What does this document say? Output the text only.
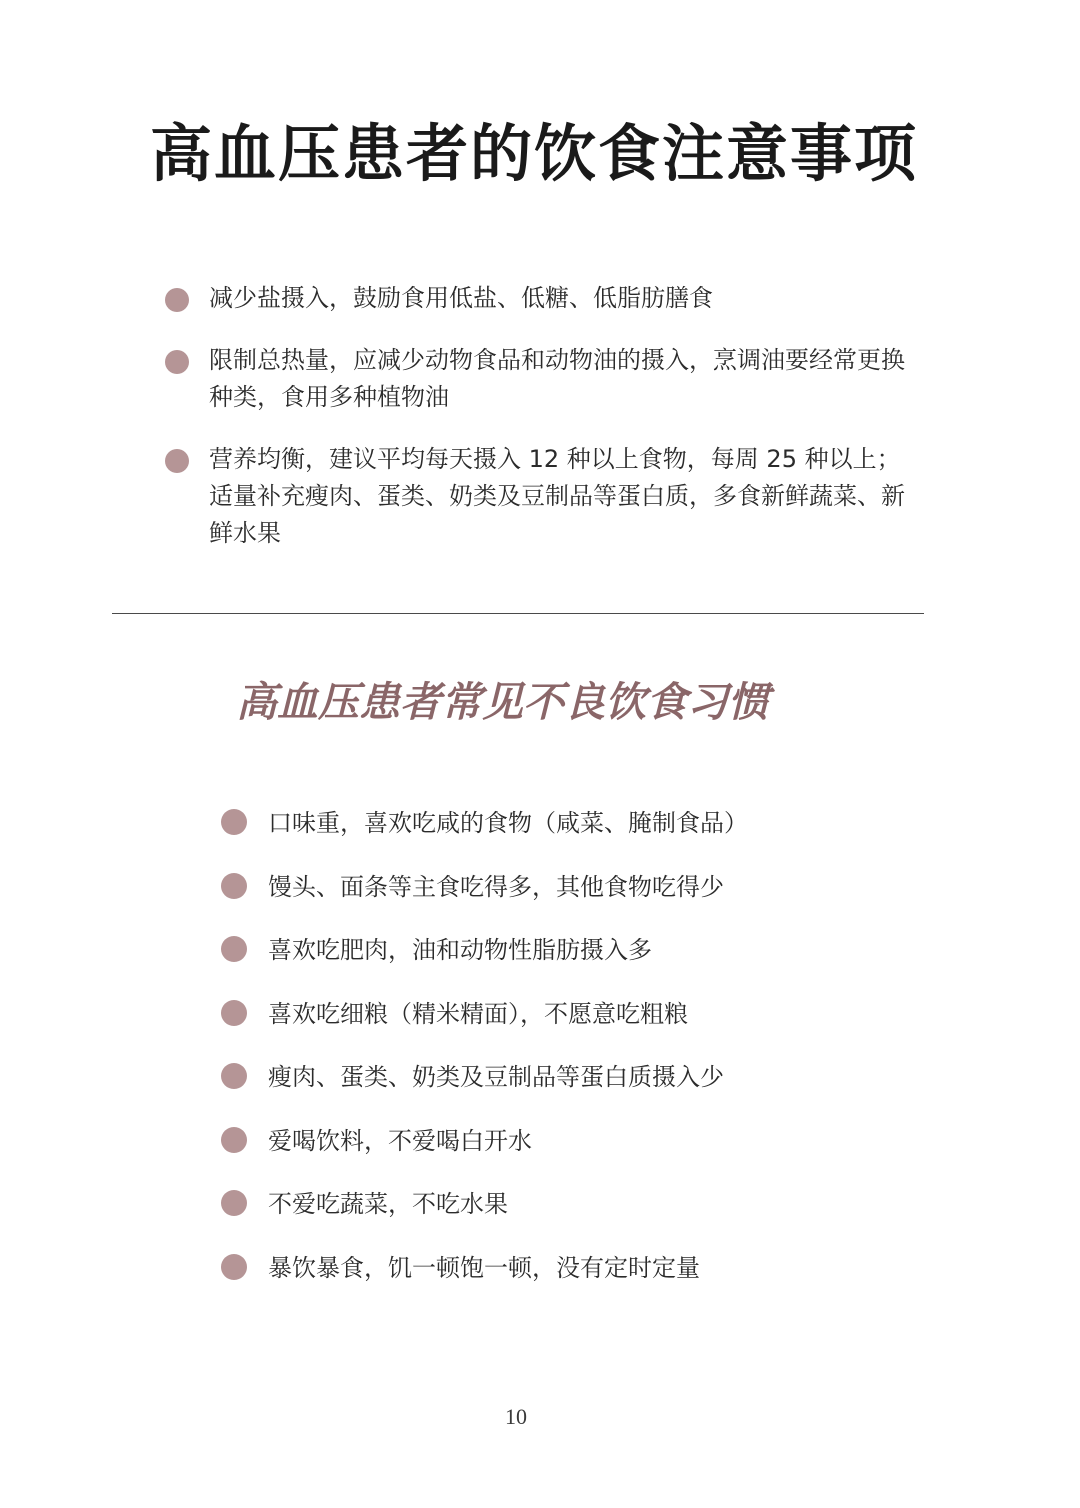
高血压患者的饮食注意事项
减少盐摄入，鼓励食用低盐、低糖、低脂肪膳食
限制总热量，应减少动物食品和动物油的摄入，烹调油要经常更换种类，食用多种植物油
营养均衡，建议平均每天摄入 12 种以上食物，每周 25 种以上；适量补充瘦肉、蛋类、奶类及豆制品等蛋白质，多食新鲜蔬菜、新鲜水果
高血压患者常见不良饮食习惯
口味重，喜欢吃咸的食物（咸菜、腌制食品）
馒头、面条等主食吃得多，其他食物吃得少
喜欢吃肥肉，油和动物性脂肪摄入多
喜欢吃细粮（精米精面），不愿意吃粗粮
瘦肉、蛋类、奶类及豆制品等蛋白质摄入少
爱喝饮料，不爱喝白开水
不爱吃蔬菜，不吃水果
暴饮暴食，饥一顿饱一顿，没有定时定量
10
